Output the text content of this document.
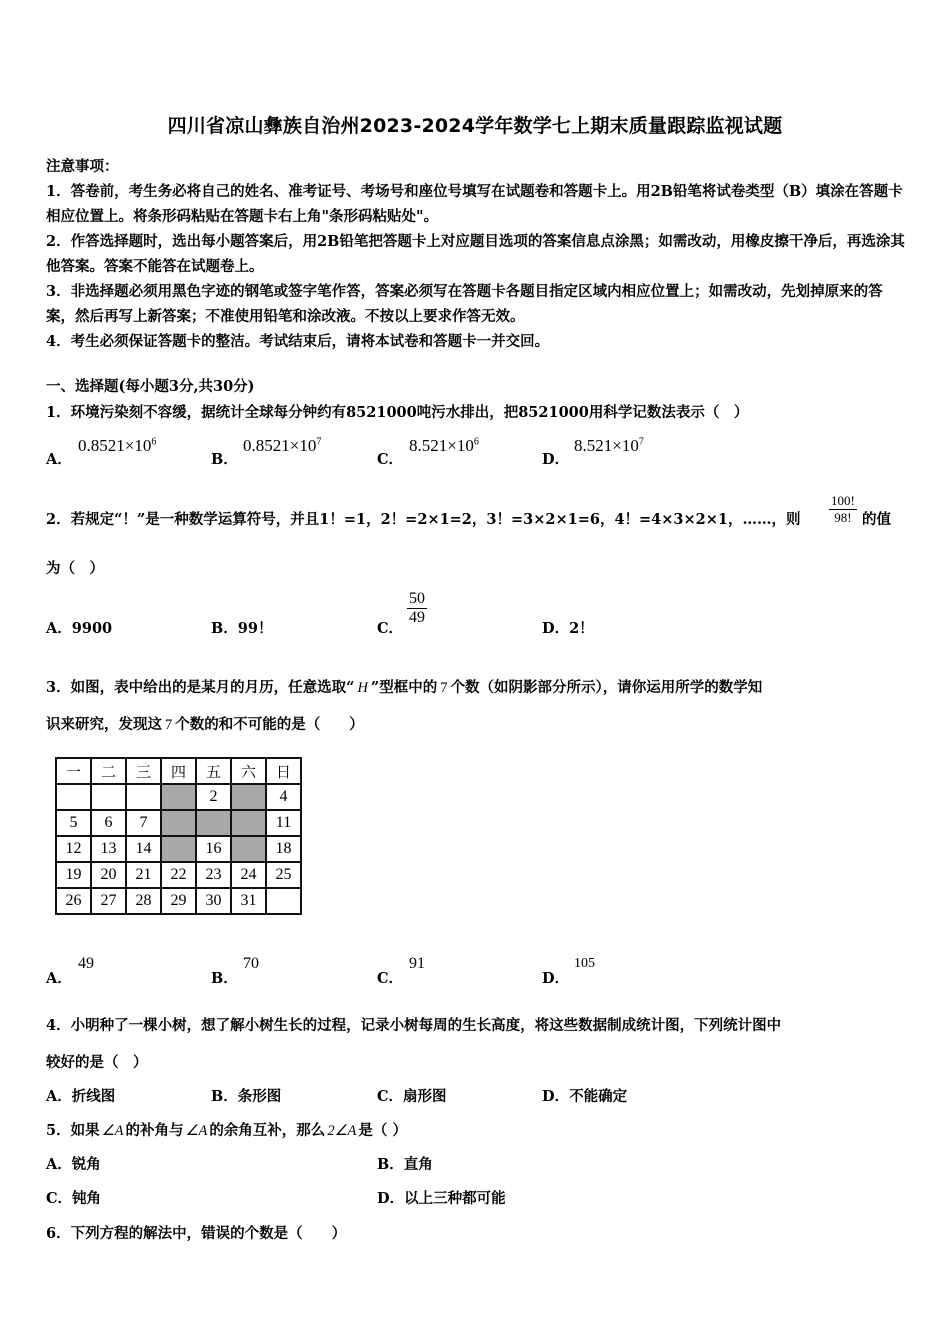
四川省凉山彝族自治州2023-2024学年数学七上期末质量跟踪监视试题

注意事项：

1．答卷前，考生务必将自己的姓名、准考证号、考场号和座位号填写在试题卷和答题卡上。用2B铅笔将试卷类型（B）填涂在答题卡相应位置上。将条形码粘贴在答题卡右上角"条形码粘贴处"。

2．作答选择题时，选出每小题答案后，用2B铅笔把答题卡上对应题目选项的答案信息点涂黑；如需改动，用橡皮擦干净后，再选涂其他答案。答案不能答在试题卷上。

3．非选择题必须用黑色字迹的钢笔或签字笔作答，答案必须写在答题卡各题目指定区域内相应位置上；如需改动，先划掉原来的答案，然后再写上新答案；不准使用铅笔和涂改液。不按以上要求作答无效。

4．考生必须保证答题卡的整洁。考试结束后，请将本试卷和答题卡一并交回。

一、选择题(每小题3分,共30分)
1．环境污染刻不容缓，据统计全球每分钟约有8521000吨污水排出，把8521000用科学记数法表示（　）
A．
$0.8521\times 10^6$
B．
$0.8521\times 10^7$
C．
$8.521\times 10^6$
D．
$8.521\times 10^7$
2．若规定“！”是一种数学运算符号，并且1！=1，2！=2×1=2，3！=3×2×1=6，4！=4×3×2×1，……，则 $\frac{100!}{98!}$ 的值
为（　）
A．9900	B．99！	C．
$\frac{50}{49}$
D．2！
3．如图，表中给出的是某月的月历，任意选取“ H ”型框中的 7 个数（如阴影部分所示），请你运用所学的数学知
识来研究，发现这 7 个数的和不可能的是（　　）
一	二	三	四	五	六	日
				2		4
5	6	7				11
12	13	14		16		18
19	20	21	22	23	24	25
26	27	28	29	30	31	
A．
49
B．
70
C．
91
D．
105
4．小明种了一棵小树，想了解小树生长的过程，记录小树每周的生长高度，将这些数据制成统计图，下列统计图中
较好的是（　）
A．折线图	B．条形图	C．扇形图	D．不能确定
5．如果 ∠A 的补角与 ∠A 的余角互补，那么 2∠A 是（ ）
A．锐角	B．直角
C．钝角	D．以上三种都可能
6．下列方程的解法中，错误的个数是（　　）
